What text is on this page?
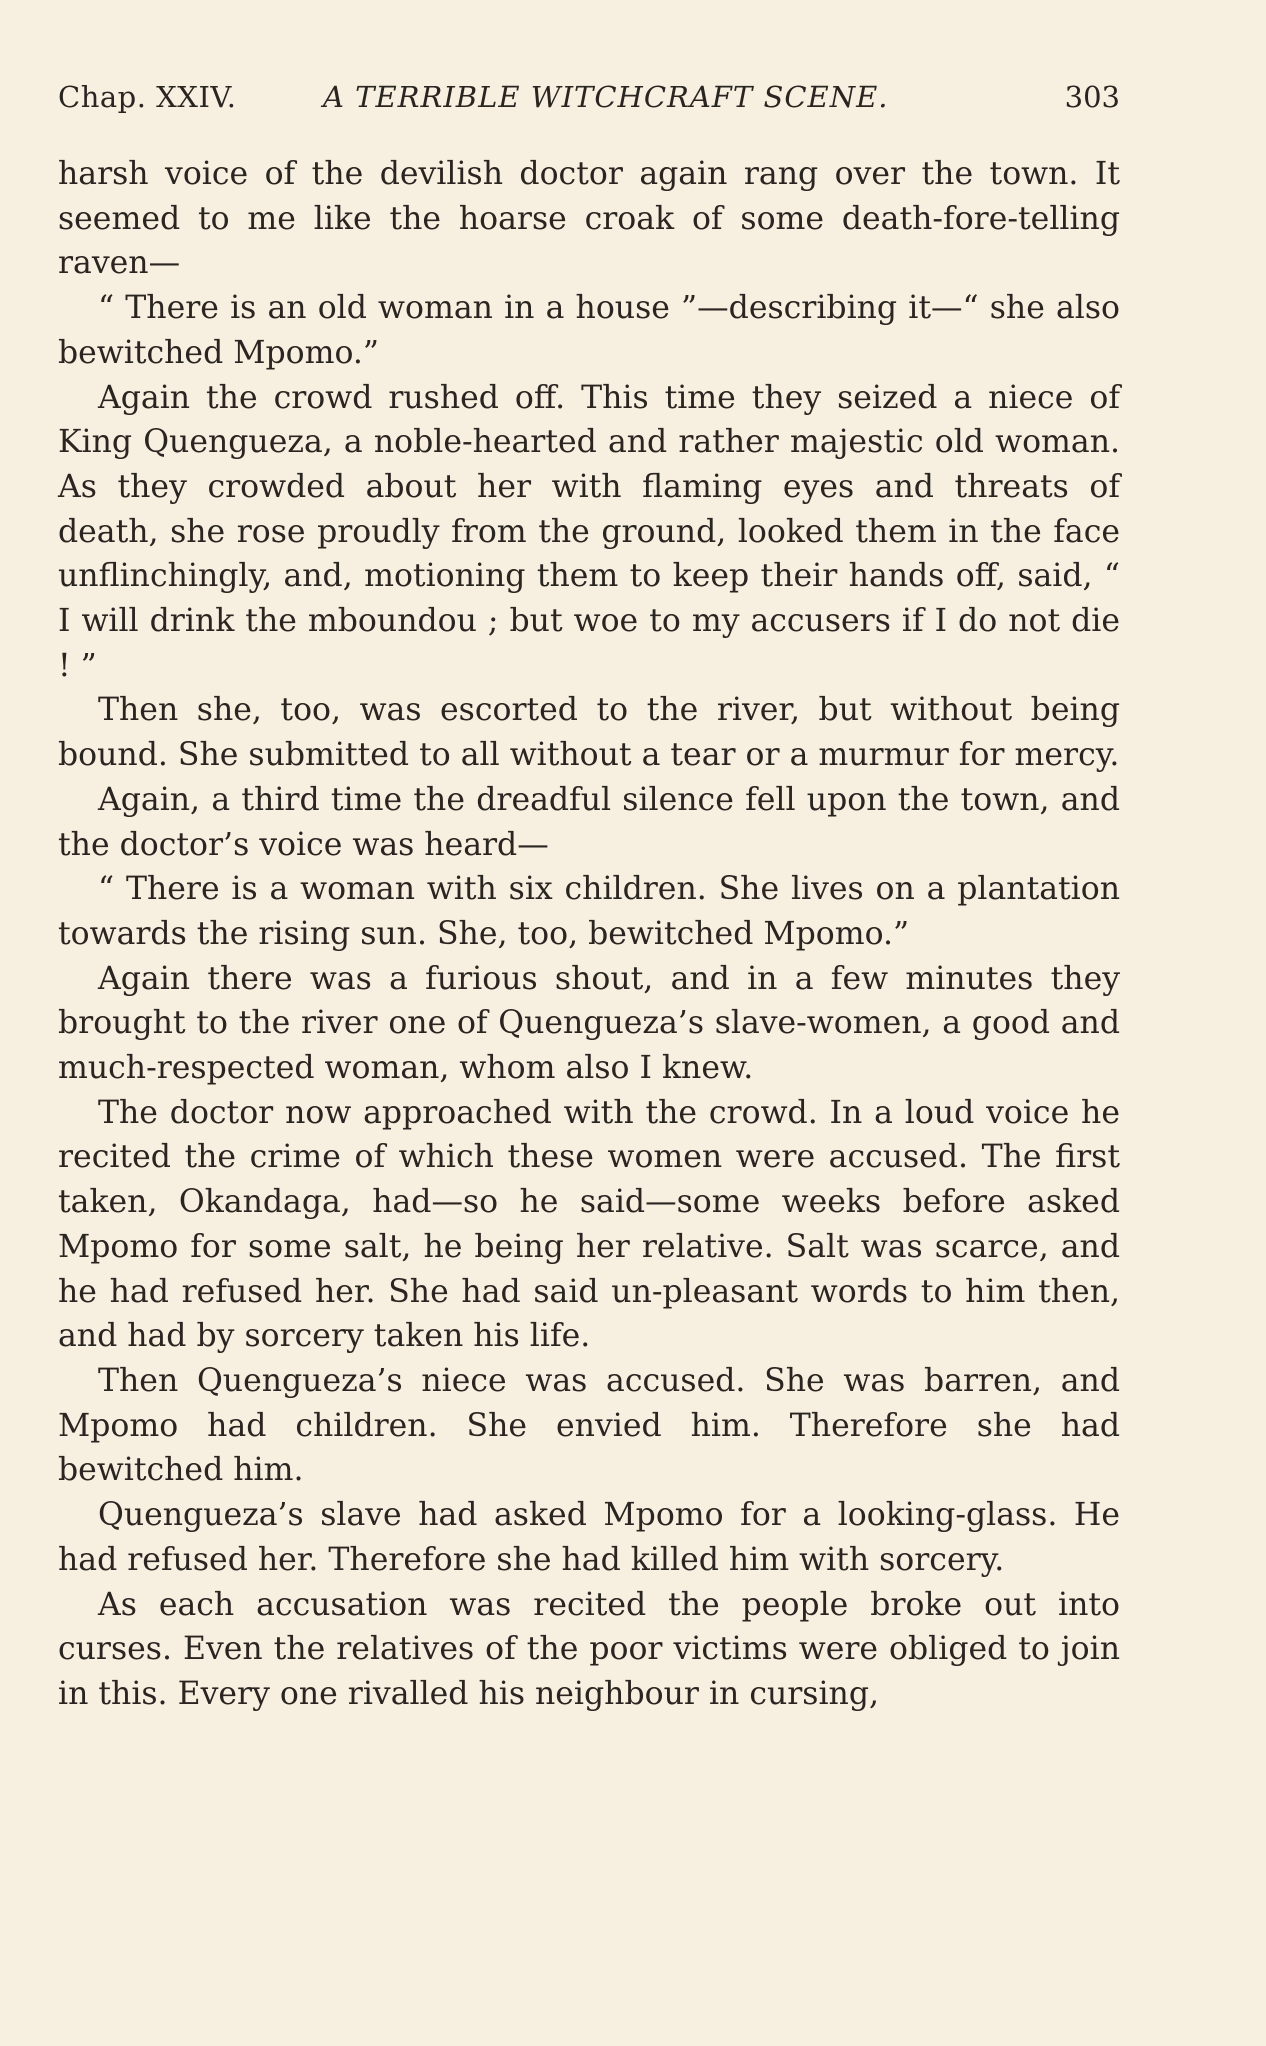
Chap. XXIV.	A TERRIBLE WITCHCRAFT SCENE.	303

harsh voice of the devilish doctor again rang over the town. It seemed to me like the hoarse croak of some death-fore-telling raven—

“ There is an old woman in a house ”—describing it—“ she also bewitched Mpomo.”

Again the crowd rushed off. This time they seized a niece of King Quengueza, a noble-hearted and rather majestic old woman. As they crowded about her with flaming eyes and threats of death, she rose proudly from the ground, looked them in the face unflinchingly, and, motioning them to keep their hands off, said, “ I will drink the mboundou ; but woe to my accusers if I do not die ! ”

Then she, too, was escorted to the river, but without being bound. She submitted to all without a tear or a murmur for mercy.

Again, a third time the dreadful silence fell upon the town, and the doctor’s voice was heard—

“ There is a woman with six children. She lives on a plantation towards the rising sun. She, too, bewitched Mpomo.”

Again there was a furious shout, and in a few minutes they brought to the river one of Quengueza’s slave-women, a good and much-respected woman, whom also I knew.

The doctor now approached with the crowd. In a loud voice he recited the crime of which these women were accused. The first taken, Okandaga, had—so he said—some weeks before asked Mpomo for some salt, he being her relative. Salt was scarce, and he had refused her. She had said un-pleasant words to him then, and had by sorcery taken his life.

Then Quengueza’s niece was accused. She was barren, and Mpomo had children. She envied him. Therefore she had bewitched him.

Quengueza’s slave had asked Mpomo for a looking-glass. He had refused her. Therefore she had killed him with sorcery.

As each accusation was recited the people broke out into curses. Even the relatives of the poor victims were obliged to join in this. Every one rivalled his neighbour in cursing,
